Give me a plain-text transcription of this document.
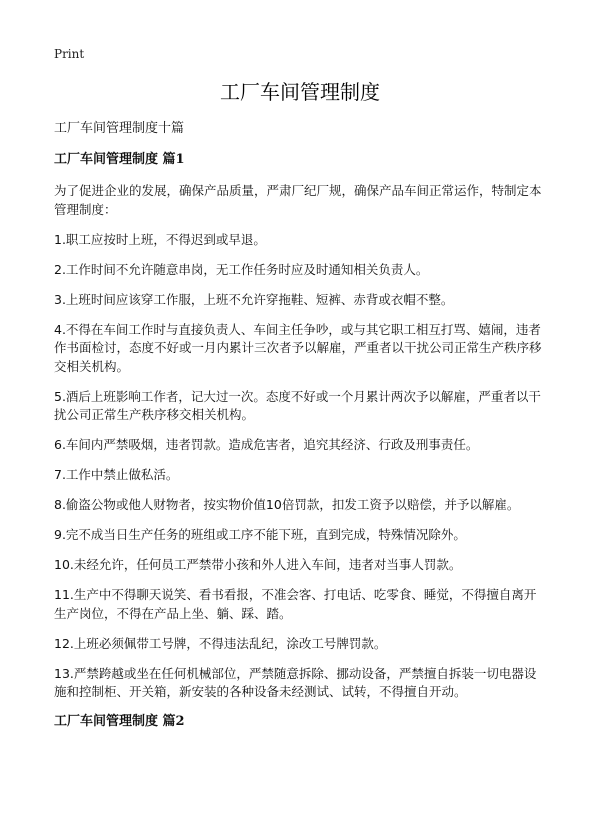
Print
工厂车间管理制度

工厂车间管理制度十篇

工厂车间管理制度 篇1

为了促进企业的发展，确保产品质量，严肃厂纪厂规，确保产品车间正常运作，特制定本管理制度：

1.职工应按时上班，不得迟到或早退。
2.工作时间不允许随意串岗，无工作任务时应及时通知相关负责人。
3.上班时间应该穿工作服，上班不允许穿拖鞋、短裤、赤背或衣帽不整。
4.不得在车间工作时与直接负责人、车间主任争吵，或与其它职工相互打骂、嬉闹，违者作书面检讨，态度不好或一月内累计三次者予以解雇，严重者以干扰公司正常生产秩序移交相关机构。
5.酒后上班影响工作者，记大过一次。态度不好或一个月累计两次予以解雇，严重者以干扰公司正常生产秩序移交相关机构。
6.车间内严禁吸烟，违者罚款。造成危害者，追究其经济、行政及刑事责任。
7.工作中禁止做私活。
8.偷盗公物或他人财物者，按实物价值10倍罚款，扣发工资予以赔偿，并予以解雇。
9.完不成当日生产任务的班组或工序不能下班，直到完成，特殊情况除外。
10.未经允许，任何员工严禁带小孩和外人进入车间，违者对当事人罚款。
11.生产中不得聊天说笑、看书看报，不准会客、打电话、吃零食、睡觉，不得擅自离开生产岗位，不得在产品上坐、躺、踩、踏。
12.上班必须佩带工号牌，不得违法乱纪，涂改工号牌罚款。
13.严禁跨越或坐在任何机械部位，严禁随意拆除、挪动设备，严禁擅自拆装一切电器设施和控制柜、开关箱，新安装的各种设备未经测试、试转，不得擅自开动。
工厂车间管理制度 篇2
